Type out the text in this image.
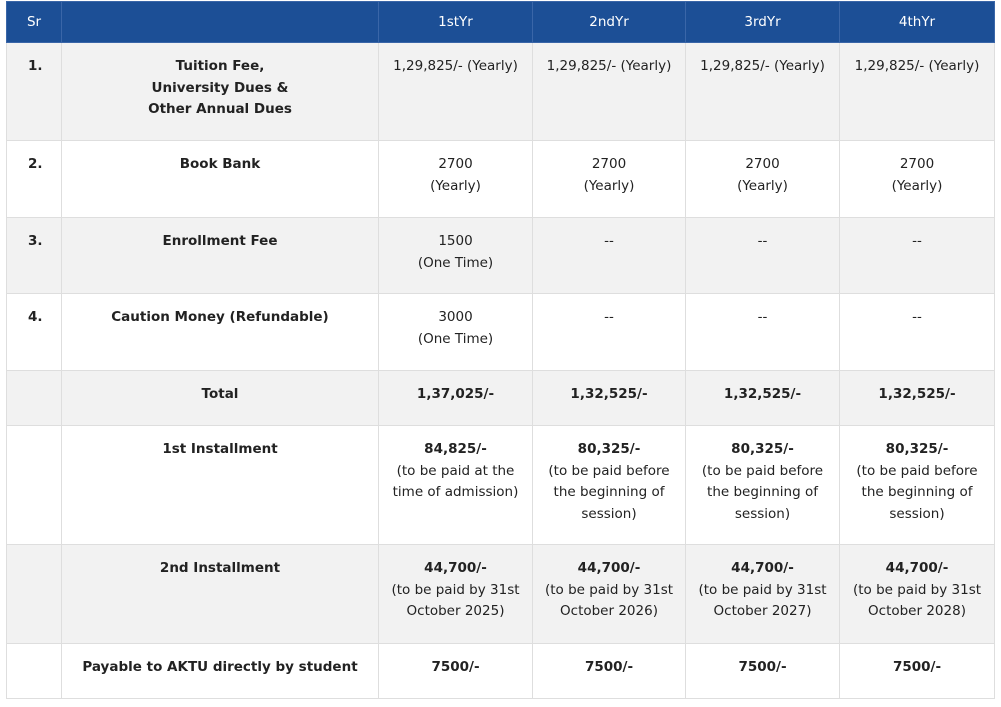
Sr		1stYr	2ndYr	3rdYr	4thYr
1.	Tuition Fee,
University Dues &
Other Annual Dues	1,29,825/- (Yearly)	1,29,825/- (Yearly)	1,29,825/- (Yearly)	1,29,825/- (Yearly)

2.	Book Bank	2700
(Yearly)	2700
(Yearly)	2700
(Yearly)	2700
(Yearly)

3.	Enrollment Fee	1500
(One Time)	--	--	--

4.	Caution Money (Refundable)	3000
(One Time)	--	--	--

	Total	1,37,025/-	1,32,525/-	1,32,525/-	1,32,525/-

	1st Installment	84,825/-
(to be paid at the
time of admission)	80,325/-
(to be paid before
the beginning of
session)	80,325/-
(to be paid before
the beginning of
session)	80,325/-
(to be paid before
the beginning of
session)

	2nd Installment	44,700/-
(to be paid by 31st
October 2025)	44,700/-
(to be paid by 31st
October 2026)	44,700/-
(to be paid by 31st
October 2027)	44,700/-
(to be paid by 31st
October 2028)

	Payable to AKTU directly by student	7500/-	7500/-	7500/-	7500/-
